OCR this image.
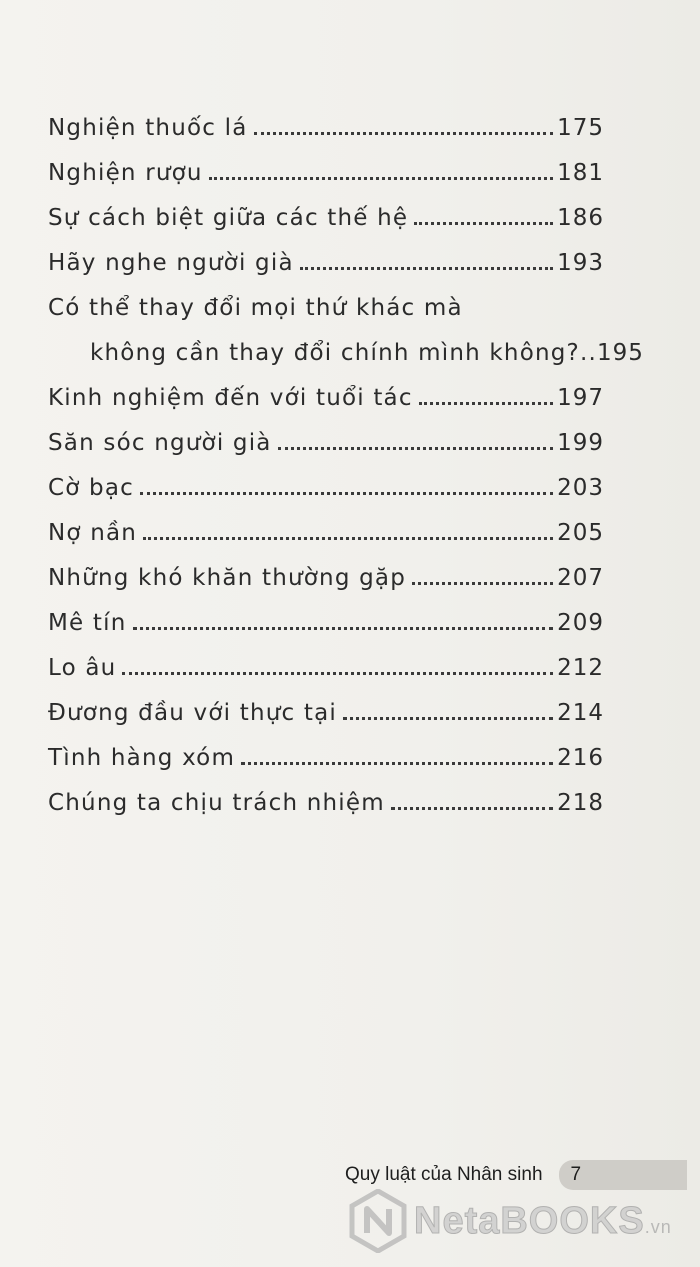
Nghiện thuốc lá	175
Nghiện rượu	181
Sự cách biệt giữa các thế hệ	186
Hãy nghe người già	193
Có thể thay đổi mọi thứ khác mà
không cần thay đổi chính mình không?.. 195
Kinh nghiệm đến với tuổi tác	197
Săn sóc người già	199
Cờ bạc	203
Nợ nần	205
Những khó khăn thường gặp	207
Mê tín	209
Lo âu	212
Đương đầu với thực tại	214
Tình hàng xóm	216
Chúng ta chịu trách nhiệm	218
Quy luật của Nhân sinh	7
NetaBOOKS.vn
